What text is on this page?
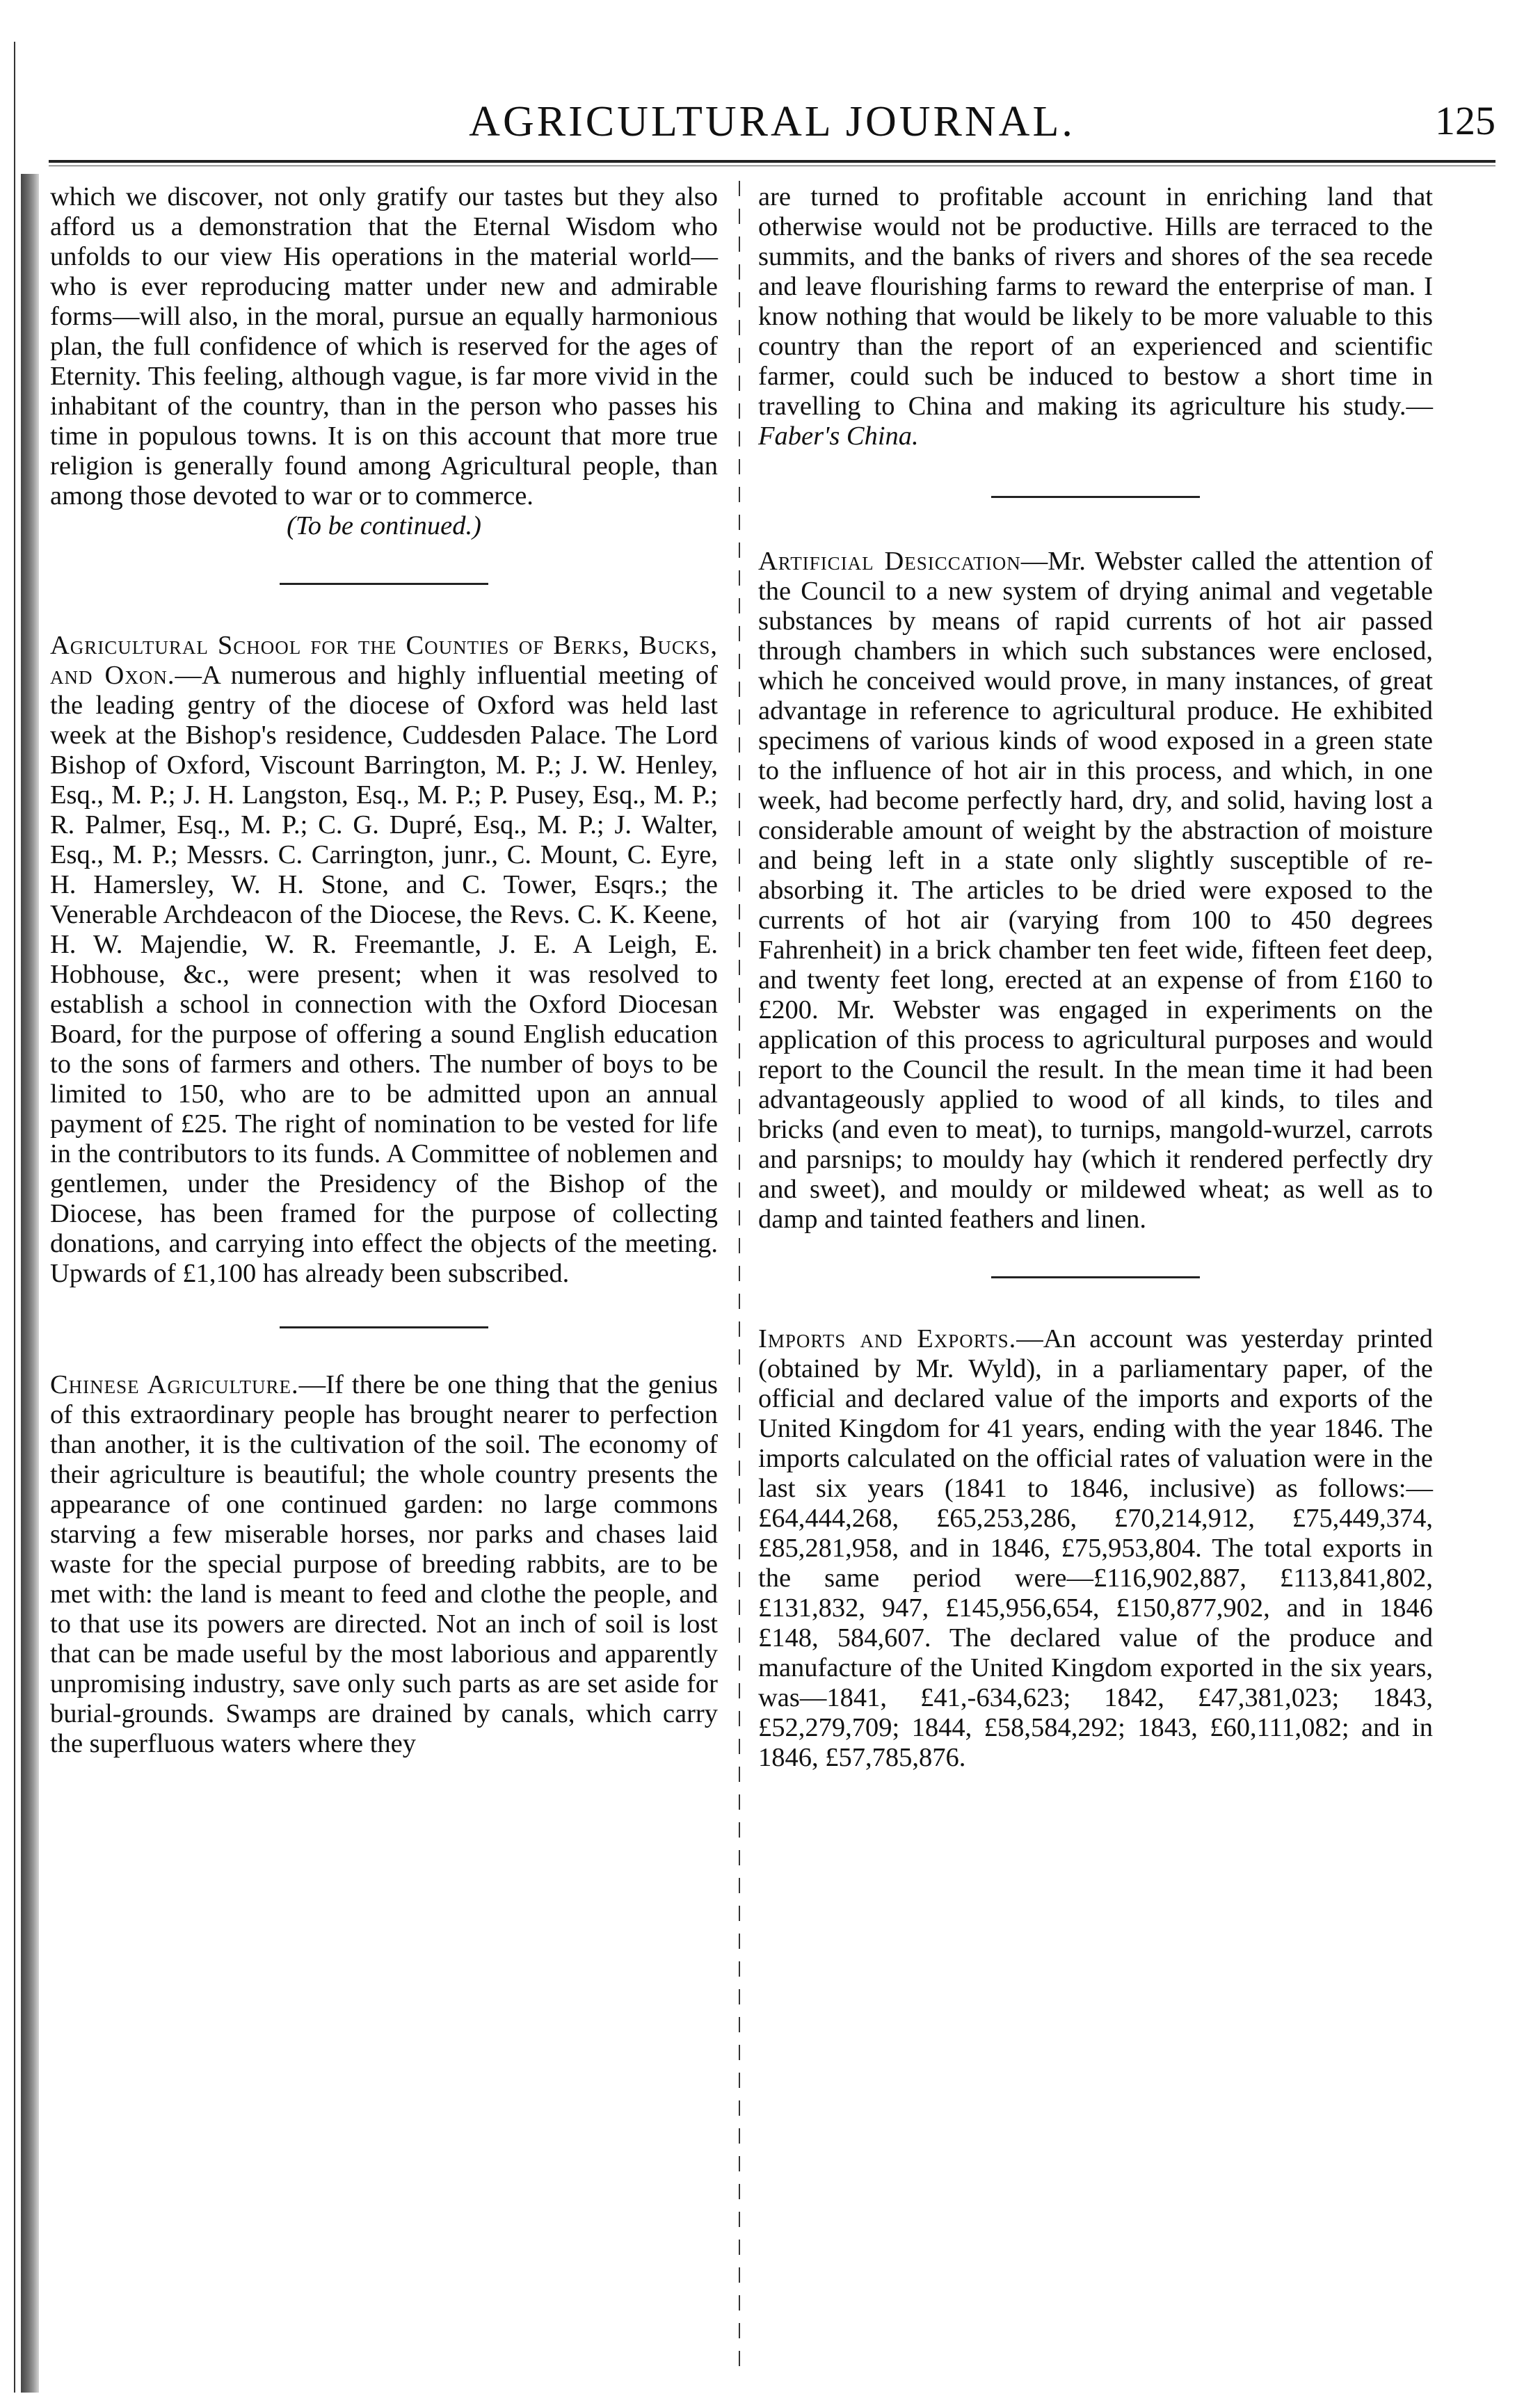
AGRICULTURAL JOURNAL.	125

which we discover, not only gratify our tastes but they also afford us a demonstration that the Eternal Wisdom who unfolds to our view His operations in the material world—who is ever reproducing matter under new and admirable forms—will also, in the moral, pursue an equally harmonious plan, the full confidence of which is reserved for the ages of Eternity. This feeling, although vague, is far more vivid in the inhabitant of the country, than in the person who passes his time in populous towns. It is on this account that more true religion is generally found among Agricultural people, than among those devoted to war or to commerce.

(To be continued.)

Agricultural School for the Counties of Berks, Bucks, and Oxon.—A numerous and highly influential meeting of the leading gentry of the diocese of Oxford was held last week at the Bishop's residence, Cuddesden Palace. The Lord Bishop of Oxford, Viscount Barrington, M. P.; J. W. Henley, Esq., M. P.; J. H. Langston, Esq., M. P.; P. Pusey, Esq., M. P.; R. Palmer, Esq., M. P.; C. G. Dupré, Esq., M. P.; J. Walter, Esq., M. P.; Messrs. C. Carrington, junr., C. Mount, C. Eyre, H. Hamersley, W. H. Stone, and C. Tower, Esqrs.; the Venerable Archdeacon of the Diocese, the Revs. C. K. Keene, H. W. Majendie, W. R. Freemantle, J. E. A Leigh, E. Hobhouse, &c., were present; when it was resolved to establish a school in connection with the Oxford Diocesan Board, for the purpose of offering a sound English education to the sons of farmers and others. The number of boys to be limited to 150, who are to be admitted upon an annual payment of £25. The right of nomination to be vested for life in the contributors to its funds. A Committee of noblemen and gentlemen, under the Presidency of the Bishop of the Diocese, has been framed for the purpose of collecting donations, and carrying into effect the objects of the meeting. Upwards of £1,100 has already been subscribed.

Chinese Agriculture.—If there be one thing that the genius of this extraordinary people has brought nearer to perfection than another, it is the cultivation of the soil. The economy of their agriculture is beautiful; the whole country presents the appearance of one continued garden: no large commons starving a few miserable horses, nor parks and chases laid waste for the special purpose of breeding rabbits, are to be met with: the land is meant to feed and clothe the people, and to that use its powers are directed. Not an inch of soil is lost that can be made useful by the most laborious and apparently unpromising industry, save only such parts as are set aside for burial-grounds. Swamps are drained by canals, which carry the superfluous waters where they

are turned to profitable account in enriching land that otherwise would not be productive. Hills are terraced to the summits, and the banks of rivers and shores of the sea recede and leave flourishing farms to reward the enterprise of man. I know nothing that would be likely to be more valuable to this country than the report of an experienced and scientific farmer, could such be induced to bestow a short time in travelling to China and making its agriculture his study.— Faber's China.

Artificial Desiccation—Mr. Webster called the attention of the Council to a new system of drying animal and vegetable substances by means of rapid currents of hot air passed through chambers in which such substances were enclosed, which he conceived would prove, in many instances, of great advantage in reference to agricultural produce. He exhibited specimens of various kinds of wood exposed in a green state to the influence of hot air in this process, and which, in one week, had become perfectly hard, dry, and solid, having lost a considerable amount of weight by the abstraction of moisture and being left in a state only slightly susceptible of re-absorbing it. The articles to be dried were exposed to the currents of hot air (varying from 100 to 450 degrees Fahrenheit) in a brick chamber ten feet wide, fifteen feet deep, and twenty feet long, erected at an expense of from £160 to £200. Mr. Webster was engaged in experiments on the application of this process to agricultural purposes and would report to the Council the result. In the mean time it had been advantageously applied to wood of all kinds, to tiles and bricks (and even to meat), to turnips, mangold-wurzel, carrots and parsnips; to mouldy hay (which it rendered perfectly dry and sweet), and mouldy or mildewed wheat; as well as to damp and tainted feathers and linen.

Imports and Exports.—An account was yesterday printed (obtained by Mr. Wyld), in a parliamentary paper, of the official and declared value of the imports and exports of the United Kingdom for 41 years, ending with the year 1846. The imports calculated on the official rates of valuation were in the last six years (1841 to 1846, inclusive) as follows:—£64,444,268, £65,253,286, £70,214,912, £75,449,374, £85,281,958, and in 1846, £75,953,804. The total exports in the same period were—£116,902,887, £113,841,802, £131,832, 947, £145,956,654, £150,877,902, and in 1846 £148, 584,607. The declared value of the produce and manufacture of the United Kingdom exported in the six years, was—1841, £41,-634,623; 1842, £47,381,023; 1843, £52,279,709; 1844, £58,584,292; 1843, £60,111,082; and in 1846, £57,785,876.
